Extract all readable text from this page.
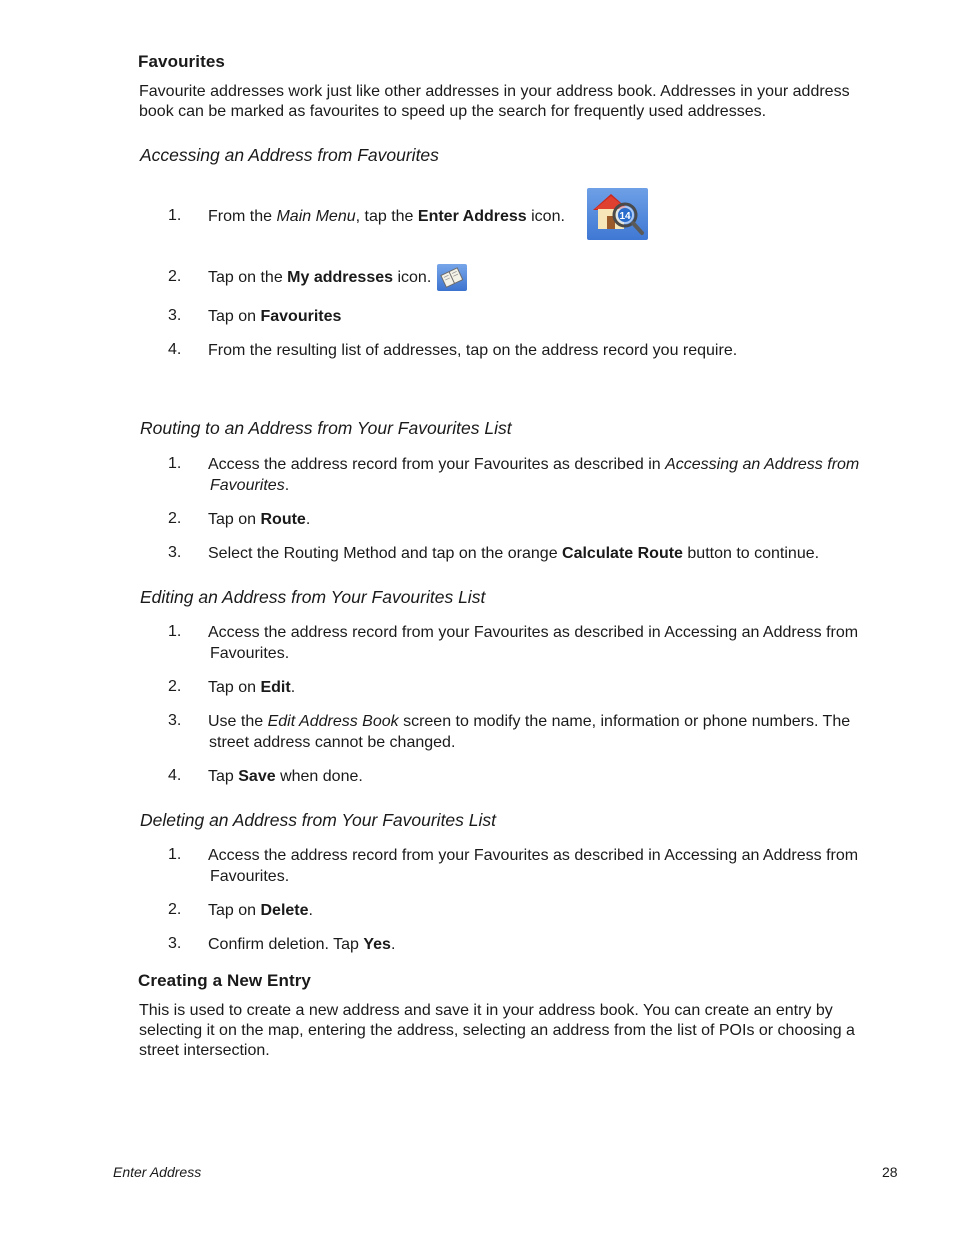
Favourites
Favourite addresses work just like other addresses in your address book. Addresses in your address
book can be marked as favourites to speed up the search for frequently used addresses.
Accessing an Address from Favourites
1.	From the Main Menu, tap the Enter Address icon.	14
2.	Tap on the My addresses icon.
3.	Tap on Favourites
4.	From the resulting list of addresses, tap on the address record you require.
Routing to an Address from Your Favourites List
1.	Access the address record from your Favourites as described in Accessing an Address from
Favourites.
2.	Tap on Route.
3.	Select the Routing Method and tap on the orange Calculate Route button to continue.
Editing an Address from Your Favourites List
1.	Access the address record from your Favourites as described in Accessing an Address from
Favourites.
2.	Tap on Edit.
3.	Use the Edit Address Book screen to modify the name, information or phone numbers. The
street address cannot be changed.
4.	Tap Save when done.
Deleting an Address from Your Favourites List
1.	Access the address record from your Favourites as described in Accessing an Address from
Favourites.
2.	Tap on Delete.
3.	Confirm deletion. Tap Yes.
Creating a New Entry
This is used to create a new address and save it in your address book. You can create an entry by
selecting it on the map, entering the address, selecting an address from the list of POIs or choosing a
street intersection.
Enter Address	28
